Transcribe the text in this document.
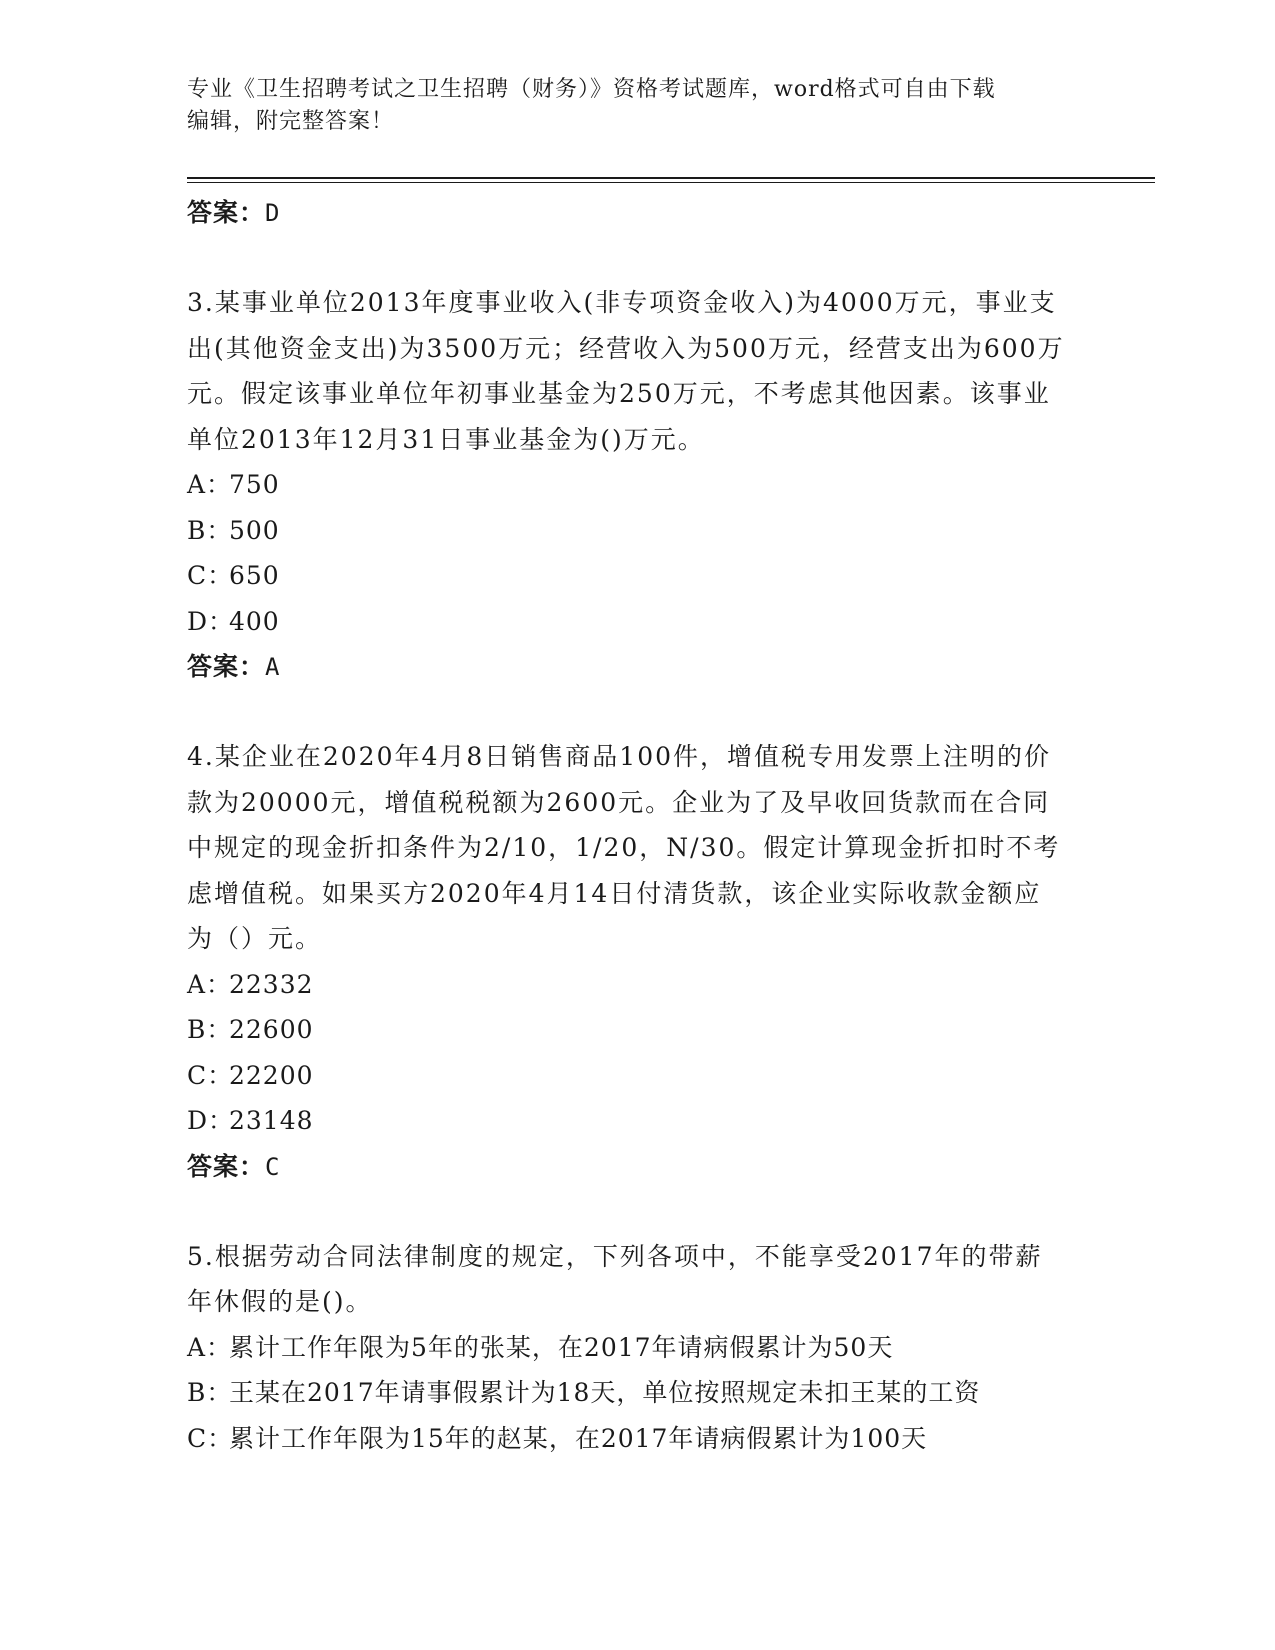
专业《卫生招聘考试之卫生招聘（财务）》资格考试题库，word格式可自由下载
编辑，附完整答案！
答案：D

3.某事业单位2013年度事业收入(非专项资金收入)为4000万元，事业支出(其他资金支出)为3500万元；经营收入为500万元，经营支出为600万元。假定该事业单位年初事业基金为250万元，不考虑其他因素。该事业单位2013年12月31日事业基金为()万元。

A：750
B：500
C：650
D：400
答案：A

4.某企业在2020年4月8日销售商品100件，增值税专用发票上注明的价款为20000元，增值税税额为2600元。企业为了及早收回货款而在合同中规定的现金折扣条件为2/10，1/20，N/30。假定计算现金折扣时不考虑增值税。如果买方2020年4月14日付清货款，该企业实际收款金额应为（）元。

A：22332
B：22600
C：22200
D：23148
答案：C

5.根据劳动合同法律制度的规定，下列各项中，不能享受2017年的带薪年休假的是()。

A：累计工作年限为5年的张某，在2017年请病假累计为50天
B：王某在2017年请事假累计为18天，单位按照规定未扣王某的工资
C：累计工作年限为15年的赵某，在2017年请病假累计为100天
